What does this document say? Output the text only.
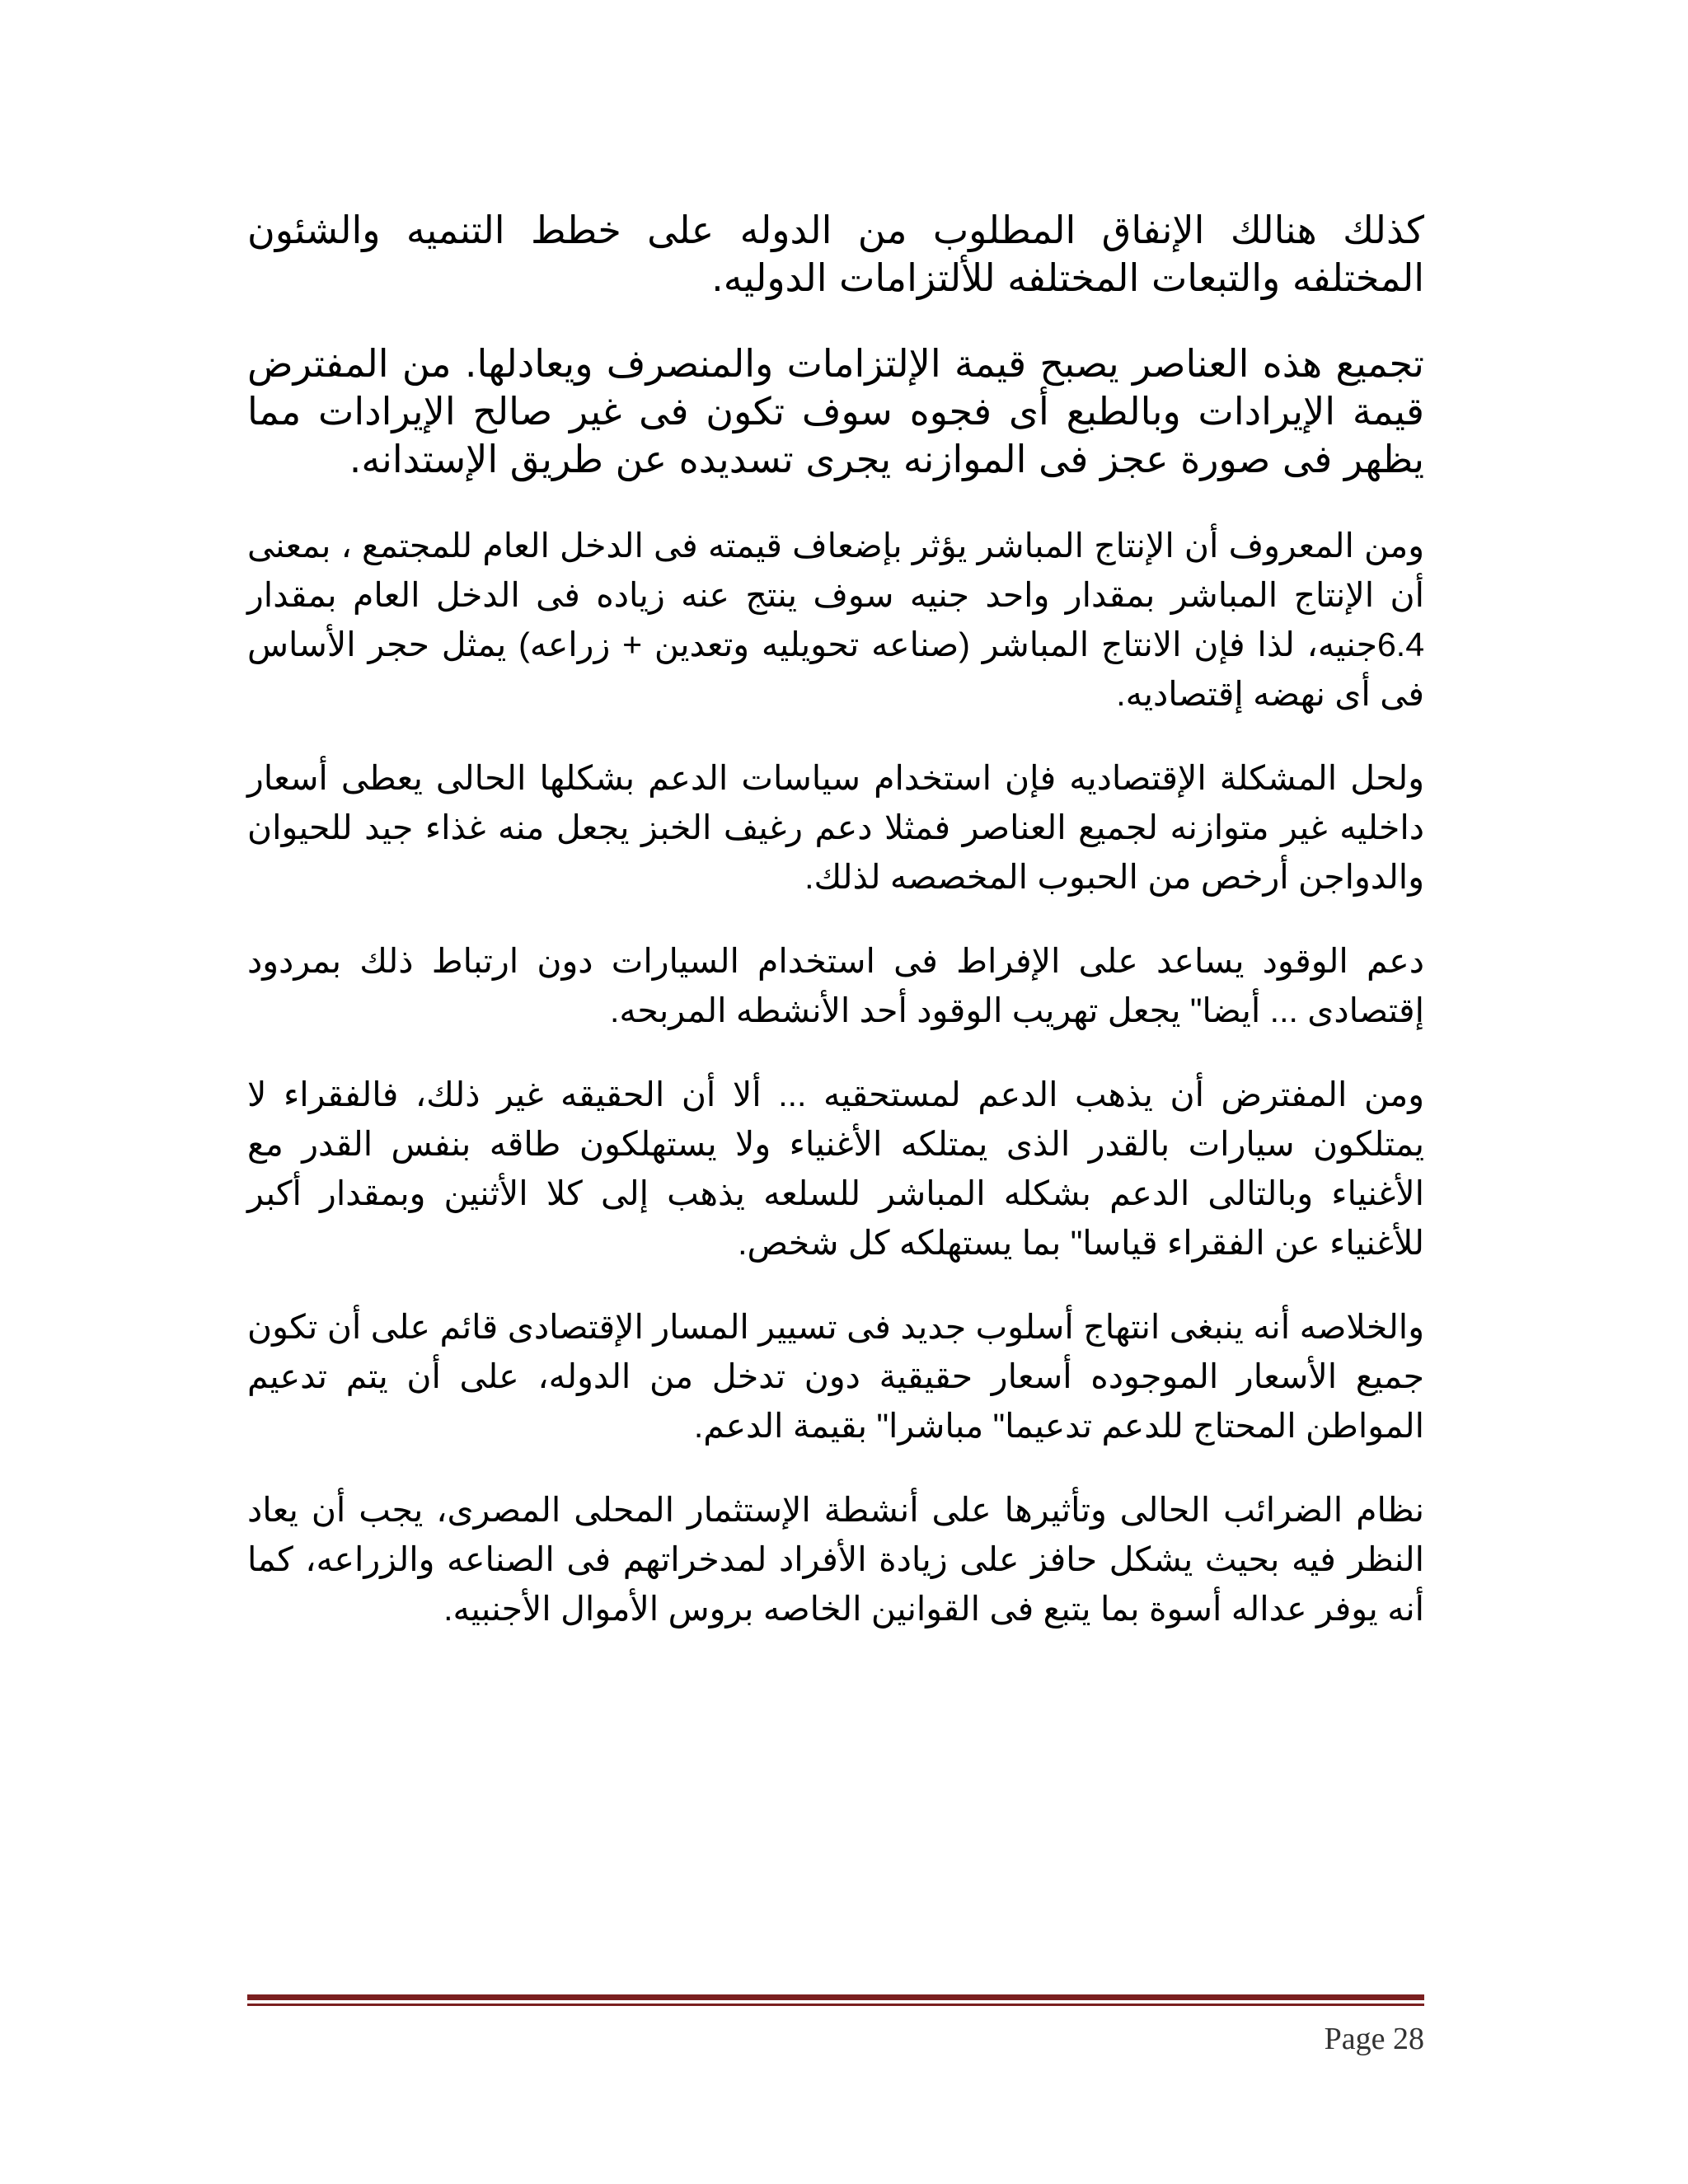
كذلك هنالك الإنفاق المطلوب من الدوله على خطط التنميه والشئون المختلفه والتبعات المختلفه للألتزامات الدوليه.

تجميع هذه العناصر يصبح قيمة الإلتزامات والمنصرف ويعادلها. من المفترض قيمة الإيرادات وبالطبع أى فجوه سوف تكون فى غير صالح الإيرادات مما يظهر فى صورة عجز فى الموازنه يجرى تسديده عن طريق الإستدانه.

ومن المعروف أن الإنتاج المباشر يؤثر بإضعاف قيمته فى الدخل العام للمجتمع ، بمعنى أن الإنتاج المباشر بمقدار واحد جنيه سوف ينتج عنه زياده فى الدخل العام بمقدار 6.4جنيه، لذا فإن الانتاج المباشر (صناعه تحويليه وتعدين + زراعه) يمثل حجر الأساس فى أى نهضه إقتصاديه.

ولحل المشكلة الإقتصاديه فإن استخدام سياسات الدعم بشكلها الحالى يعطى أسعار داخليه غير متوازنه لجميع العناصر فمثلا دعم رغيف الخبز يجعل منه غذاء جيد للحيوان والدواجن أرخص من الحبوب المخصصه لذلك.

دعم الوقود يساعد على الإفراط فى استخدام السيارات دون ارتباط ذلك بمردود إقتصادى ... أيضا" يجعل تهريب الوقود أحد الأنشطه المربحه.

ومن المفترض أن يذهب الدعم لمستحقيه ... ألا أن الحقيقه غير ذلك، فالفقراء لا يمتلكون سيارات بالقدر الذى يمتلكه الأغنياء ولا يستهلكون طاقه بنفس القدر مع الأغنياء وبالتالى الدعم بشكله المباشر للسلعه يذهب إلى كلا الأثنين وبمقدار أكبر للأغنياء عن الفقراء قياسا" بما يستهلكه كل شخص.

والخلاصه أنه ينبغى انتهاج أسلوب جديد فى تسيير المسار الإقتصادى قائم على أن تكون جميع الأسعار الموجوده أسعار حقيقية دون تدخل من الدوله، على أن يتم تدعيم المواطن المحتاج للدعم تدعيما" مباشرا" بقيمة الدعم.

نظام الضرائب الحالى وتأثيرها على أنشطة الإستثمار المحلى المصرى، يجب أن يعاد النظر فيه بحيث يشكل حافز على زيادة الأفراد لمدخراتهم فى الصناعه والزراعه، كما أنه يوفر عداله أسوة بما يتبع فى القوانين الخاصه بروس الأموال الأجنبيه.

Page 28
